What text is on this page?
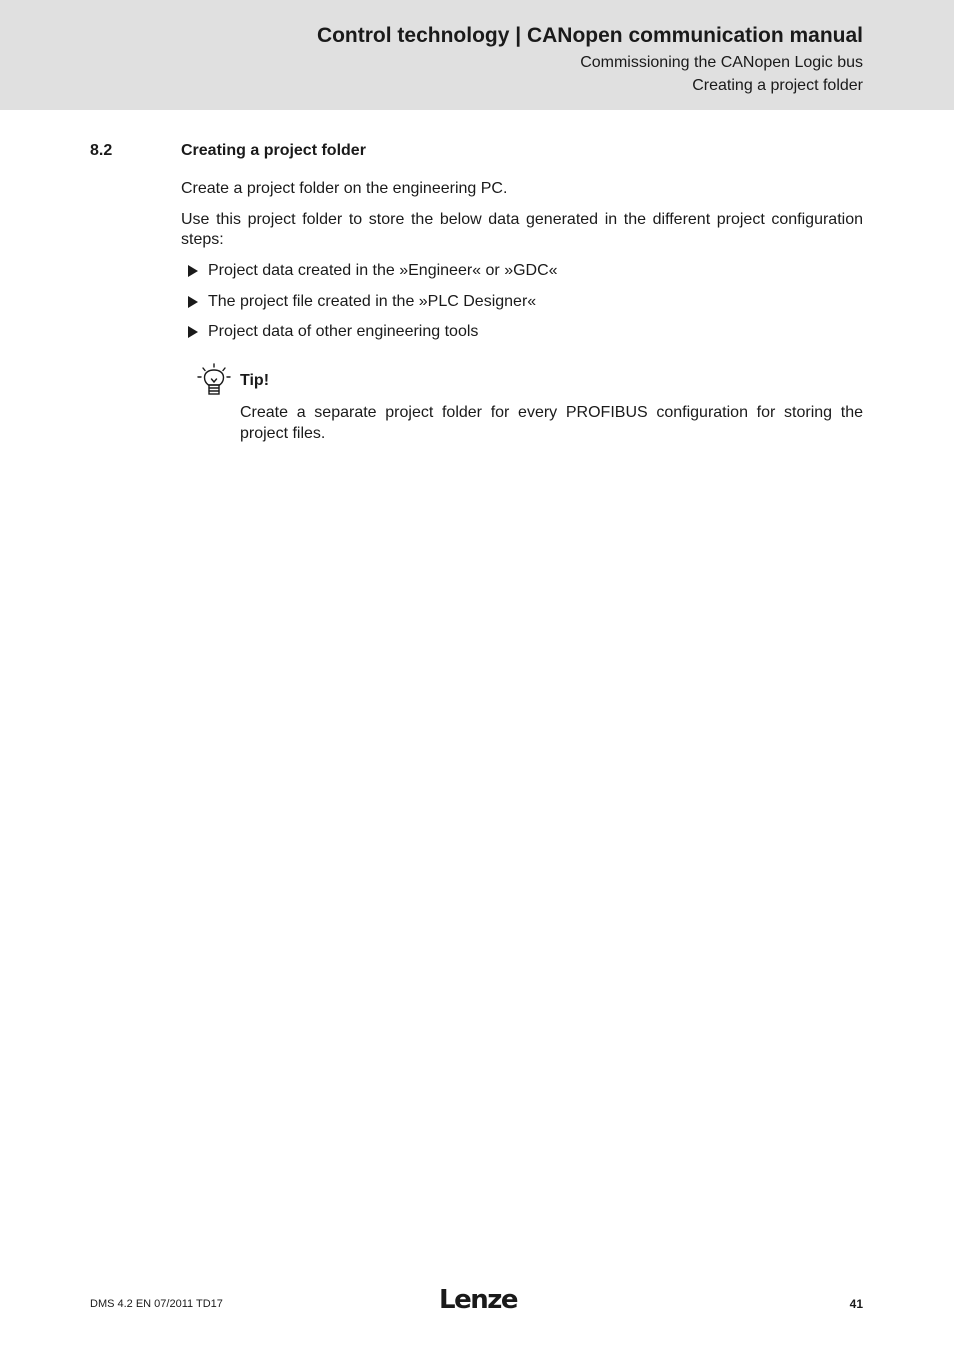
Control technology | CANopen communication manual
Commissioning the CANopen Logic bus
Creating a project folder
8.2	Creating a project folder
Create a project folder on the engineering PC.
Use this project folder to store the below data generated in the different project configuration steps:
Project data created in the »Engineer« or »GDC«
The project file created in the »PLC Designer«
Project data of other engineering tools
Tip!
Create a separate project folder for every PROFIBUS configuration for storing the project files.
DMS 4.2 EN 07/2011 TD17	Lenze	41
